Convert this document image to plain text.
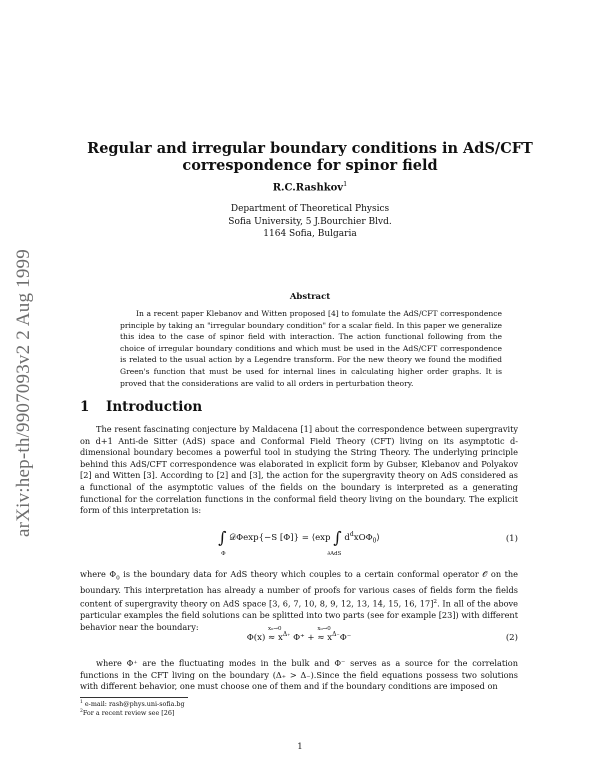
arXiv:hep-th/9907093v2 2 Aug 1999
Regular and irregular boundary conditions in AdS/CFT
correspondence for spinor field
R.C.Rashkov$^1$
Department of Theoretical Physics
Sofia University, 5 J.Bourchier Blvd.
1164 Sofia, Bulgaria
Abstract
In a recent paper Klebanov and Witten proposed [4] to fomulate the AdS/CFT correspondence principle by taking an "irregular boundary condition" for a scalar field. In this paper we generalize this idea to the case of spinor field with interaction. The action functional following from the choice of irregular boundary conditions and which must be used in the AdS/CFT correspondence is related to the usual action by a Legendre transform. For the new theory we found the modified Green's function that must be used for internal lines in calculating higher order graphs. It is proved that the considerations are valid to all orders in perturbation theory.
1 Introduction
The resent fascinating conjecture by Maldacena [1] about the correspondence between supergravity on d+1 Anti-de Sitter (AdS) space and Conformal Field Theory (CFT) living on its asymptotic d-dimensional boundary becomes a powerful tool in studying the String Theory. The underlying principle behind this AdS/CFT correspondence was elaborated in explicit form by Gubser, Klebanov and Polyakov [2] and Witten [3]. According to [2] and [3], the action for the supergravity theory on AdS considered as a functional of the asymptotic values of the fields on the boundary is interpreted as a generating functional for the correlation functions in the conformal field theory living on the boundary. The explicit form of this interpretation is:
∫
Φ
𝒟Φexp{−S [Φ]} = ⟨exp ∫
∂AdS
$d^dxO\Phi_0⟩$	(1)
where $\Phi_0$ is the boundary data for AdS theory which couples to a certain conformal operator 𝒪 on the boundary. This interpretation has already a number of proofs for various cases of fields form the fields content of supergravity theory on AdS space [3, 6, 7, 10, 8, 9, 12, 13, 14, 15, 16, 17]$^2$. In all of the above particular examples the field solutions can be splitted into two parts (see for example [23]) with different behavior near the boundary:
Φ(x)
x₀→0
≈ $x^{\Delta_+}$ Φ⁺ +
x₀→0
≈ $x^{\Delta_-}\Phi^-$	(2)
where Φ⁺ are the fluctuating modes in the bulk and Φ⁻ serves as a source for the correlation functions in the CFT living on the boundary (Δ₊ > Δ₋).Since the field equations possess two solutions with different behavior, one must choose one of them and if the boundary conditions are imposed on
$^1$ e-mail: rash@phys.uni-sofia.bg
$^2$For a recent review see [26]
1
